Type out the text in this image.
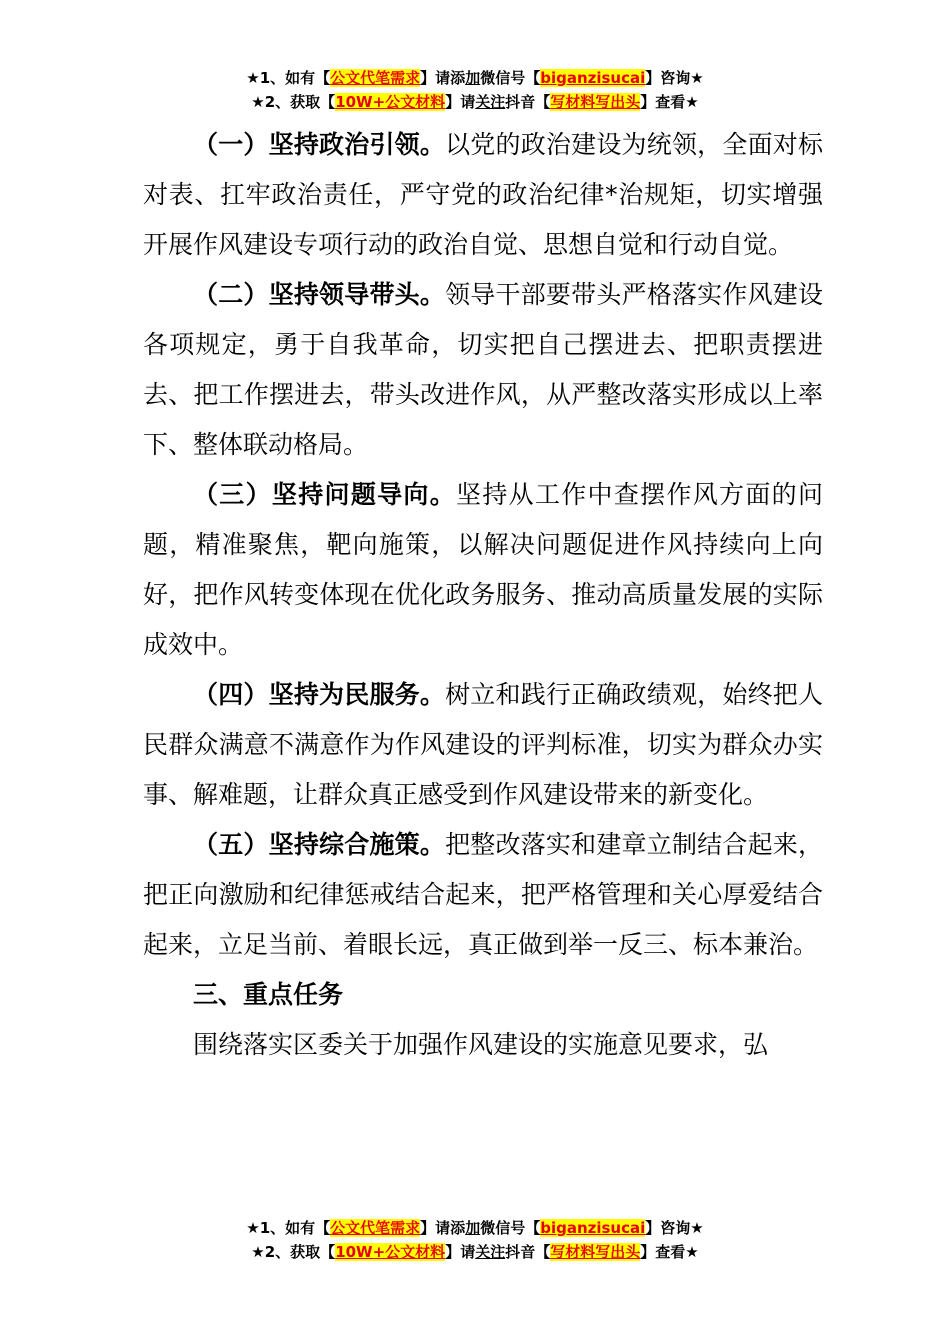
★1、如有【公文代笔需求】请添加微信号【biganzisucai】咨询★
★2、获取【10W+公文材料】请关注抖音【写材料写出头】查看★

（一）坚持政治引领。以党的政治建设为统领，全面对标对表、扛牢政治责任，严守党的政治纪律*治规矩，切实增强开展作风建设专项行动的政治自觉、思想自觉和行动自觉。

（二）坚持领导带头。领导干部要带头严格落实作风建设各项规定，勇于自我革命，切实把自己摆进去、把职责摆进去、把工作摆进去，带头改进作风，从严整改落实形成以上率下、整体联动格局。

（三）坚持问题导向。坚持从工作中查摆作风方面的问题，精准聚焦，靶向施策，以解决问题促进作风持续向上向好，把作风转变体现在优化政务服务、推动高质量发展的实际成效中。

（四）坚持为民服务。树立和践行正确政绩观，始终把人民群众满意不满意作为作风建设的评判标准，切实为群众办实事、解难题，让群众真正感受到作风建设带来的新变化。

（五）坚持综合施策。把整改落实和建章立制结合起来，把正向激励和纪律惩戒结合起来，把严格管理和关心厚爱结合起来，立足当前、着眼长远，真正做到举一反三、标本兼治。

三、重点任务

围绕落实区委关于加强作风建设的实施意见要求，弘

★1、如有【公文代笔需求】请添加微信号【biganzisucai】咨询★
★2、获取【10W+公文材料】请关注抖音【写材料写出头】查看★
